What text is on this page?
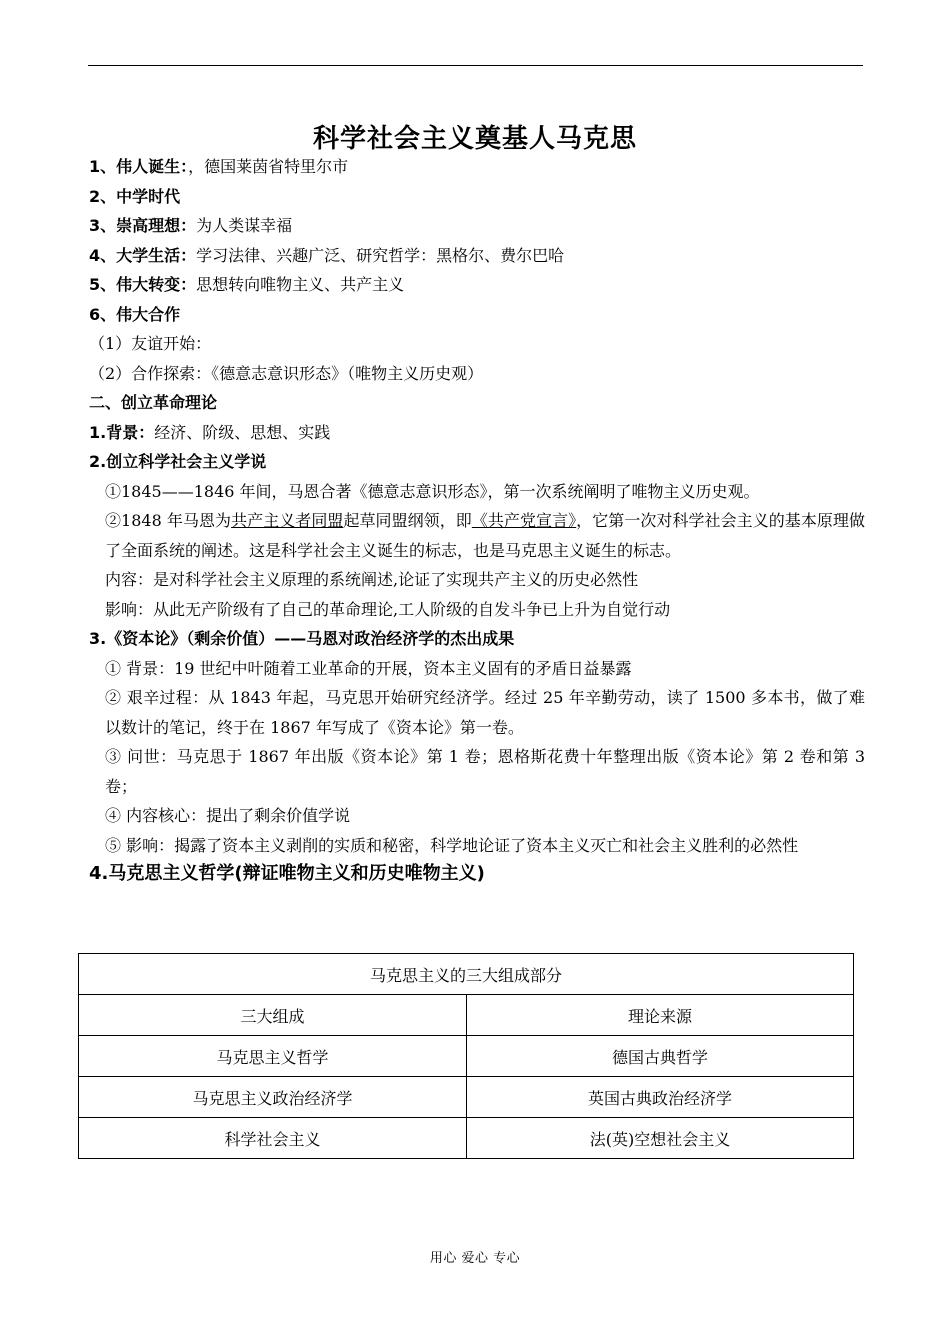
科学社会主义奠基人马克思
1、伟人诞生：，德国莱茵省特里尔市
2、中学时代
3、崇高理想：为人类谋幸福
4、大学生活：学习法律、兴趣广泛、研究哲学：黑格尔、费尔巴哈
5、伟大转变：思想转向唯物主义、共产主义
6、伟大合作
（1）友谊开始：
（2）合作探索：《德意志意识形态》（唯物主义历史观）
二、创立革命理论
1.背景：经济、阶级、思想、实践
2.创立科学社会主义学说
①1845——1846 年间，马恩合著《德意志意识形态》，第一次系统阐明了唯物主义历史观。
②1848 年马恩为共产主义者同盟起草同盟纲领，即《共产党宣言》，它第一次对科学社会主义的基本原理做了全面系统的阐述。这是科学社会主义诞生的标志，也是马克思主义诞生的标志。
内容：是对科学社会主义原理的系统阐述,论证了实现共产主义的历史必然性
影响：从此无产阶级有了自己的革命理论,工人阶级的自发斗争已上升为自觉行动
3.《资本论》（剩余价值）——马恩对政治经济学的杰出成果
① 背景：19 世纪中叶随着工业革命的开展，资本主义固有的矛盾日益暴露
② 艰辛过程：从 1843 年起，马克思开始研究经济学。经过 25 年辛勤劳动，读了 1500 多本书，做了难以数计的笔记，终于在 1867 年写成了《资本论》第一卷。
③ 问世：马克思于 1867 年出版《资本论》第 1 卷；恩格斯花费十年整理出版《资本论》第 2 卷和第 3 卷；
④ 内容核心：提出了剩余价值学说
⑤ 影响：揭露了资本主义剥削的实质和秘密，科学地论证了资本主义灭亡和社会主义胜利的必然性
4.马克思主义哲学(辩证唯物主义和历史唯物主义)
马克思主义的三大组成部分	
三大组成	理论来源
马克思主义哲学	德国古典哲学
马克思主义政治经济学	英国古典政治经济学
科学社会主义	法(英)空想社会主义
用心 爱心 专心
